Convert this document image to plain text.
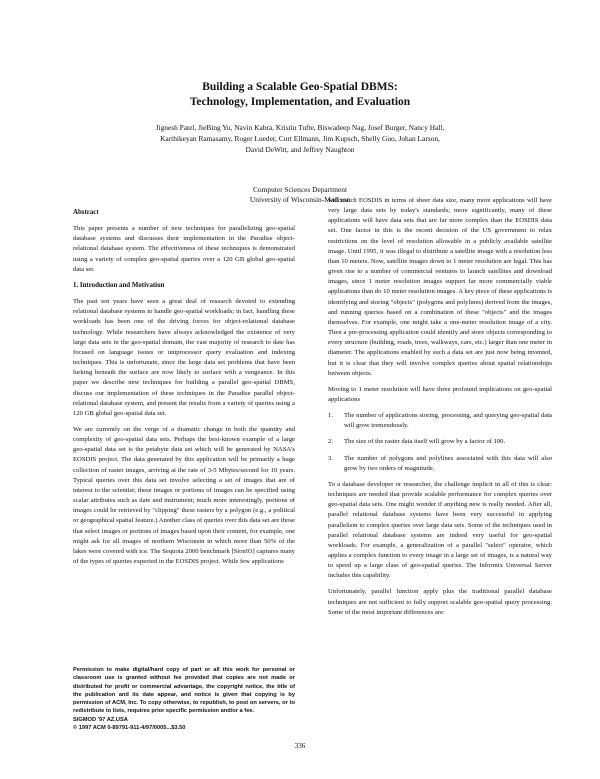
Building a Scalable Geo-Spatial DBMS:
Technology, Implementation, and Evaluation
Jignesh Patel, JieBing Yu, Navin Kabra, Kristin Tufte, Biswadeep Nag, Josef Burger, Nancy Hall,
Karthikeyan Ramasamy, Roger Lueder, Curt Ellmann, Jim Kupsch, Shelly Guo, Johan Larson,
David DeWitt, and Jeffrey Naughton
Computer Sciences Department
University of Wisconsin-Madison
Abstract

This paper presents a number of new techniques for parallelizing geo-spatial database systems and discusses their implementation in the Paradise object-relational database system. The effectiveness of these techniques is demonstrated using a variety of complex geo-spatial queries over a 120 GB global geo-spatial data set.

1. Introduction and Motivation

The past ten years have seen a great deal of research devoted to extending relational database systems to handle geo-spatial workloads; in fact, handling these workloads has been one of the driving forces for object-relational database technology. While researchers have always acknowledged the existence of very large data sets in the geo-spatial domain, the vast majority of research to date has focused on language issues or uniprocessor query evaluation and indexing techniques. This is unfortunate, since the large data set problems that have been lurking beneath the surface are now likely to surface with a vengeance. In this paper we describe new techniques for building a parallel geo-spatial DBMS, discuss our implementation of these techniques in the Paradise parallel object-relational database system, and present the results from a variety of queries using a 120 GB global geo-spatial data set.

We are currently on the verge of a dramatic change in both the quantity and complexity of geo-spatial data sets. Perhaps the best-known example of a large geo-spatial data set is the petabyte data set which will be generated by NASA's EOSDIS project. The data generated by this application will be primarily a huge collection of raster images, arriving at the rate of 3-5 Mbytes/second for 10 years. Typical queries over this data set involve selecting a set of images that are of interest to the scientist; these images or portions of images can be specified using scalar attributes such as date and instrument; much more interestingly, portions of images could be retrieved by "clipping" these rasters by a polygon (e.g., a political or geographical spatial feature.) Another class of queries over this data set are those that select images or portions of images based upon their content, for example, one might ask for all images of northern Wisconsin in which more than 50% of the lakes were covered with ice. The Sequoia 2000 benchmark [Ston93] captures many of the types of queries expected in the EOSDIS project. While few applications

Permission to make digital/hard copy of part or all this work for personal or classroom use is granted without fee provided that copies are not made or distributed for profit or commercial advantage, the copyright notice, the title of the publication and its date appear, and notice is given that copying is by permission of ACM, Inc. To copy otherwise, to republish, to post on servers, or to redistribute to lists, requires prior specific permission and/or a fee.
SIGMOD '97 AZ,USA
© 1997 ACM 0-89791-911-4/97/0005...$3.50

will match EOSDIS in terms of sheer data size, many more applications will have very large data sets by today's standards; more significantly, many of these applications will have data sets that are far more complex than the EOSDIS data set. One factor in this is the recent decision of the US government to relax restrictions on the level of resolution allowable in a publicly available satellite image. Until 1995, it was illegal to distribute a satellite image with a resolution less than 10 meters. Now, satellite images down to 1 meter resolution are legal. This has given rise to a number of commercial ventures to launch satellites and download images, since 1 meter resolution images support far more commercially viable applications than do 10 meter resolution images. A key piece of these applications is identifying and storing "objects" (polygons and polylines) derived from the images, and running queries based on a combination of these "objects" and the images themselves. For example, one might take a one-meter resolution image of a city. Then a pre-processing application could identify and store objects corresponding to every structure (building, roads, trees, walkways, cars, etc.) larger than one meter in diameter. The applications enabled by such a data set are just now being invented, but it is clear that they will involve complex queries about spatial relationships between objects.

Moving to 1 meter resolution will have three profound implications on geo-spatial applications

1.	The number of applications storing, processing, and querying geo-spatial data will grow tremendously.
2.	The size of the raster data itself will grow by a factor of 100.
3.	The number of polygons and polylines associated with this data will also grow by two orders of magnitude.

To a database developer or researcher, the challenge implicit in all of this is clear: techniques are needed that provide scalable performance for complex queries over geo-spatial data sets. One might wonder if anything new is really needed. After all, parallel relational database systems have been very successful in applying parallelism to complex queries over large data sets. Some of the techniques used in parallel relational database systems are indeed very useful for geo-spatial workloads. For example, a generalization of a parallel "select" operator, which applies a complex function to every image in a large set of images, is a natural way to speed up a large class of geo-spatial queries. The Informix Universal Server includes this capability.

Unfortunately, parallel function apply plus the traditional parallel database techniques are not sufficient to fully support scalable geo-spatial query processing. Some of the most important differences are:

336
